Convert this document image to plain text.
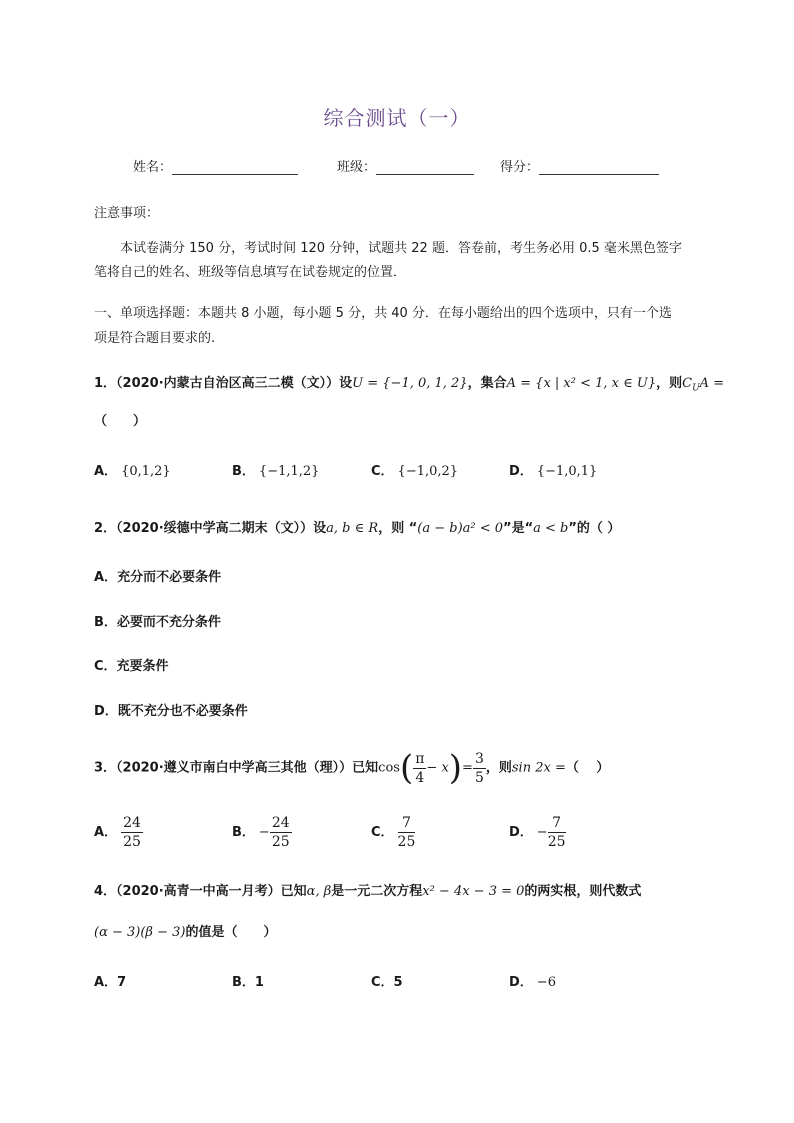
综合测试（一）
姓名：	班级：	得分：
注意事项：
本试卷满分 150 分，考试时间 120 分钟，试题共 22 题．答卷前，考生务必用 0.5 毫米黑色签字
笔将自己的姓名、班级等信息填写在试卷规定的位置．
一、单项选择题：本题共 8 小题，每小题 5 分，共 40 分．在每小题给出的四个选项中，只有一个选
项是符合题目要求的.
1．（2020·内蒙古自治区高三二模（文））设U = {−1, 0, 1, 2}，集合A = {x | x² < 1, x ∈ U}，则$C_UA$ =
（　　）
A． {0,1,2}	B． {−1,1,2}	C． {−1,0,2}	D． {−1,0,1}
2．（2020·绥德中学高二期末（文））设a, b ∈ R，则 “(a − b)a² < 0”是“a < b”的（ ）
A．充分而不必要条件
B．必要而不充分条件
C．充要条件
D．既不充分也不必要条件
3．（2020·遵义市南白中学高三其他（理））已知$\cos( \frac{\pi}{4} - x)= \frac{3}{5}$ ，则sin 2x =（　 ）
A． $\frac{24}{25}$	B． − $\frac{24}{25}$	C． $\frac{7}{25}$	D． − $\frac{7}{25}$
4．（2020·高青一中高一月考）已知α, β是一元二次方程x² − 4x − 3 = 0的两实根，则代数式
(α − 3)(β − 3)的值是（　　）
A．7	B．1	C．5	D． −6
